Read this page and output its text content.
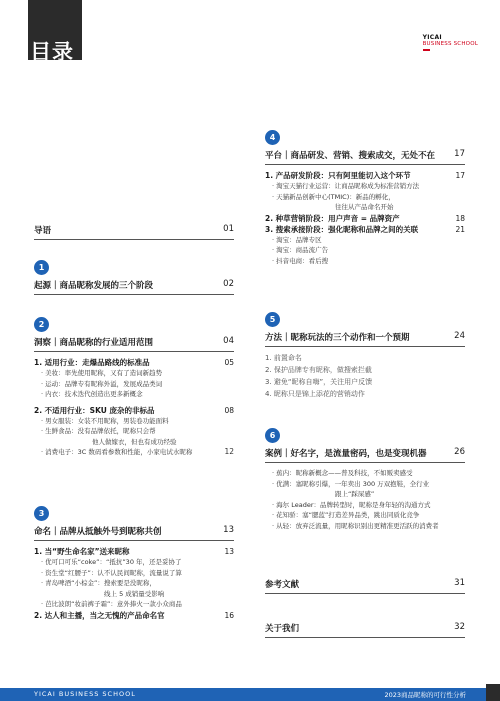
目录
YICAI
BUSINESS SCHOOL
导语	01
1
起源｜商品昵称发展的三个阶段	02
2
洞察｜商品昵称的行业适用范围	04
1. 适用行业：走爆品路线的标准品	05
· 美妆：率先使用昵称，又有了造词新趋势
· 运动：品牌专有昵称外溢，发展成品类词
· 内衣：技术迭代创造出更多新概念
2. 不适用行业：SKU 庞杂的非标品	08
· 男女服装：女装不用昵称，男装卷功能面料
· 生鲜食品：没有品牌依托，昵称只会帮
他人做嫁衣，但也有成功经验
· 消费电子：3C 数码看参数和性能，小家电试水昵称	12
3
命名｜品牌从抵触外号到昵称共创	13
1. 当“野生命名家”送来昵称	13
· 优可口可乐“coke”：“抵抗”30 年，还是妥协了
· 资生堂“红腰子”：认不认民间昵称，流量说了算
· 青岛啤酒“小棕金”：搜索要是没昵称，
线上 5 成销量受影响
· 芭比波朗“妆前裤子霜”：意外捧火一款小众商品
2. 达人和主播，当之无愧的产品命名官	16
4
平台｜商品研发、营销、搜索成交，无处不在 17
1. 产品研发阶段：只有阿里能切入这个环节	17
· 淘宝天猫行业运营：让商品昵称成为标准营销方法
· 天猫新品创新中心(TMIC)：新品的孵化，
往往从产品命名开始
2. 种草营销阶段：用户声音 = 品牌资产	18
3. 搜索承接阶段：强化昵称和品牌之间的关联	21
· 淘宝：品牌专区
· 淘宝：商品流广告
· 抖音电商：看后搜
5
方法｜昵称玩法的三个动作和一个预期	24
1. 前置命名
2. 保护品牌专有昵称，做搜索拦截
3. 避免“昵称自嗨”，关注用户反馈
4. 昵称只是锦上添花的营销动作
6
案例｜好名字，是流量密码，也是变现机器	26
· 蕉内：昵称新概念——普及科技，不如贩卖感受
· 优满：塞昵称引爆，一年卖出 300 万双抱鞋，全行业
跟上“踩屎感”
· 海尔 Leader：品牌转型时，昵称是身年轻的沟通方式
· 花知骄：塞“腮蓝”打造差异品类，跳出同质化竞争
· 从轻：放弃泛流量，用昵称识别出更精准更活跃的消费者
参考文献	31
关于我们	32
YICAI BUSINESS SCHOOL	2023商品昵称的可行性分析
